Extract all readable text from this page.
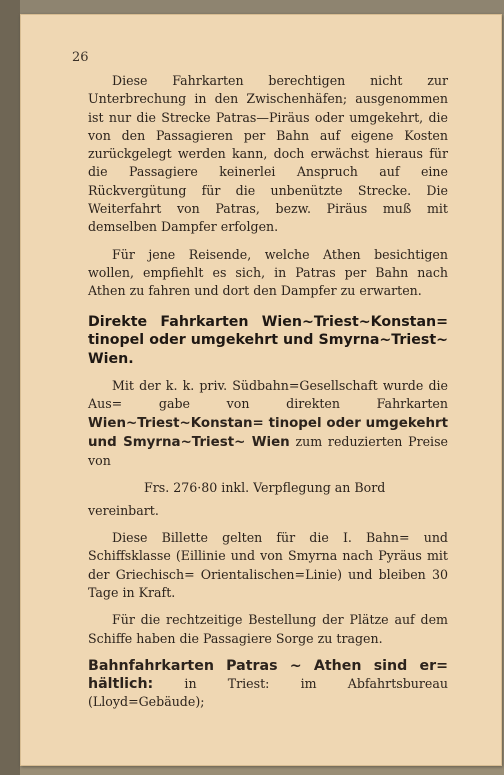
26

Diese Fahrkarten berechtigen nicht zur Unterbrechung in den Zwischenhäfen; ausgenommen ist nur die Strecke Patras—Piräus oder umgekehrt, die von den Passagieren per Bahn auf eigene Kosten zurückgelegt werden kann, doch erwächst hieraus für die Passagiere keinerlei Anspruch auf eine Rückvergütung für die unbenützte Strecke. Die Weiterfahrt von Patras, bezw. Piräus muß mit demselben Dampfer erfolgen.

Für jene Reisende, welche Athen besichtigen wollen, empfiehlt es sich, in Patras per Bahn nach Athen zu fahren und dort den Dampfer zu erwarten.

Direkte Fahrkarten Wien~Triest~Konstan= tinopel oder umgekehrt und Smyrna~Triest~ Wien.

Mit der k. k. priv. Südbahn=Gesellschaft wurde die Aus= gabe von direkten Fahrkarten Wien~Triest~Konstan= tinopel oder umgekehrt und Smyrna~Triest~ Wien zum reduzierten Preise von

Frs. 276·80 inkl. Verpflegung an Bord

vereinbart.

Diese Billette gelten für die I. Bahn= und Schiffsklasse (Eillinie und von Smyrna nach Pyräus mit der Griechisch= Orientalischen=Linie) und bleiben 30 Tage in Kraft.

Für die rechtzeitige Bestellung der Plätze auf dem Schiffe haben die Passagiere Sorge zu tragen.

Bahnfahrkarten Patras ~ Athen sind er= hältlich: in Triest: im Abfahrtsbureau (Lloyd=Gebäude);
